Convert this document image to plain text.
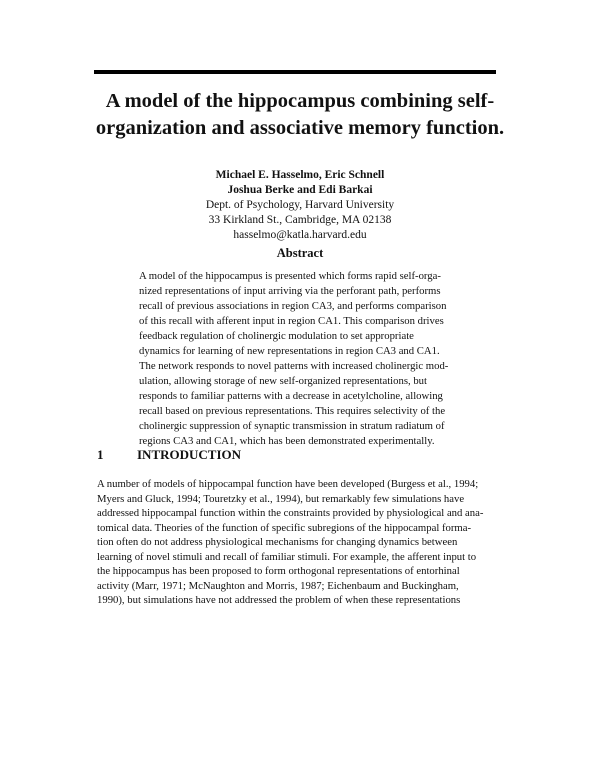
A model of the hippocampus combining self-
organization and associative memory function.
Michael E. Hasselmo, Eric Schnell
Joshua Berke and Edi Barkai
Dept. of Psychology, Harvard University
33 Kirkland St., Cambridge, MA 02138
hasselmo@katla.harvard.edu
Abstract
A model of the hippocampus is presented which forms rapid self-orga-
nized representations of input arriving via the perforant path, performs
recall of previous associations in region CA3, and performs comparison
of this recall with afferent input in region CA1. This comparison drives
feedback regulation of cholinergic modulation to set appropriate
dynamics for learning of new representations in region CA3 and CA1.
The network responds to novel patterns with increased cholinergic mod-
ulation, allowing storage of new self-organized representations, but
responds to familiar patterns with a decrease in acetylcholine, allowing
recall based on previous representations. This requires selectivity of the
cholinergic suppression of synaptic transmission in stratum radiatum of
regions CA3 and CA1, which has been demonstrated experimentally.
1	INTRODUCTION
A number of models of hippocampal function have been developed (Burgess et al., 1994;
Myers and Gluck, 1994; Touretzky et al., 1994), but remarkably few simulations have
addressed hippocampal function within the constraints provided by physiological and ana-
tomical data. Theories of the function of specific subregions of the hippocampal forma-
tion often do not address physiological mechanisms for changing dynamics between
learning of novel stimuli and recall of familiar stimuli. For example, the afferent input to
the hippocampus has been proposed to form orthogonal representations of entorhinal
activity (Marr, 1971; McNaughton and Morris, 1987; Eichenbaum and Buckingham,
1990), but simulations have not addressed the problem of when these representations
